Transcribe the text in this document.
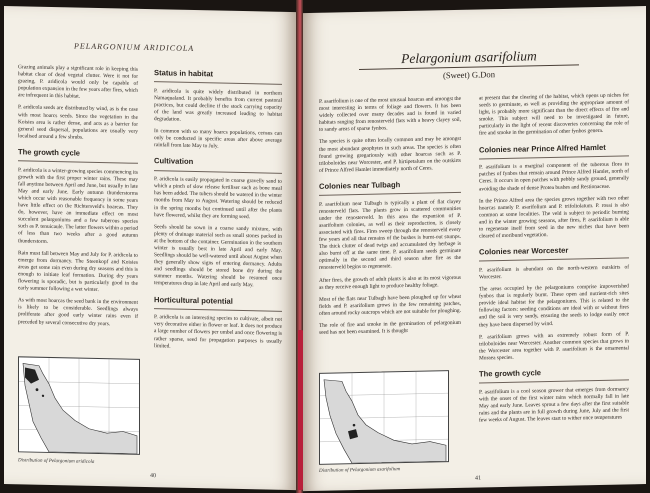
PELARGONIUM ARIDICOLA

Grazing animals play a significant role in keeping this habitat clear of dead vegetal clutter. Were it not for grazing, P. aridicola would only be capable of population expansion in the few years after fires, which are infrequent in this habitat.

P. aridicola seeds are distributed by wind, as is the case with most hoarcs seeds. Since the vegetation in the Koisies area is rather dense, and acts as a barrier for general seed dispersal, populations are usually very localised around a few shrubs.

The growth cycle

P. aridicola is a winter-growing species commencing its growth with the first proper winter rains. These may fall anytime between April and June, but usually in late May and early June. Early autumn thunderstorms which occur with reasonable frequency in some years have little effect on the Richtersveld's hoarcas. They do, however, have an immediate effect on most succulent pelargoniums and a few tuberous species such as P. tenuicaule. The latter flowers within a period of less than two weeks after a good autumn thunderstorm.

Rain must fall between May and July for P. aridicola to emerge from dormancy. The Steenkopf and Koisies areas get some rain even during dry seasons and this is enough to initiate leaf formation. During dry years flowering is sporadic, but is particularly good in the early summer following a wet winter.

As with most hoarcas the seed bank in the environment is likely to be considerable. Seedlings always proliferate after good early winter rains even if preceded by several consecutive dry years.

Distribution of Pelargonium aridicola
Status in habitat

P. aridicola is quite widely distributed in northern Namaqualand. It probably benefits from current pastoral practices, but could decline if the stock carrying capacity of the land was greatly increased leading to habitat degradation.

In common with so many hoarcs populations, census can only be conducted in specific areas after above average rainfall from late May to July.

Cultivation

P. aridicola is easily propagated in coarse gravelly sand to which a pinch of slow release fertiliser such as bone meal has been added. The tubers should be watered in the winter months from May to August. Watering should be reduced in the spring months but continued until after the plants have flowered, whilst they are forming seed.

Seeds should be sown in a coarse sandy mixture, with plenty of drainage material such as small stones packed in at the bottom of the container. Germination in the southern winter is usually best in late April and early May. Seedlings should be well-watered until about August when they generally show signs of entering dormancy. Adults and seedlings should be stored bone dry during the summer months. Watering should be resumed once temperatures drop in late April and early May.

Horticultural potential

P. aridicola is an interesting species to cultivate, albeit not very decorative either in flower or leaf. It does not produce a large number of flowers per umbel and once flowering is rather sparse, seed for propagation purposes is usually limited.

40
Pelargonium asarifolium
(Sweet) G.Don

P. asarifolium is one of the most unusual hoarcas and amongst the most interesting in terms of foliage and flowers. It has been widely collected over many decades and is found in varied habitats ranging from renosterveld flats with a heavy clayey soil, to sandy areas of sparse fynbos.

The species is quite often locally common and may be amongst the most abundant geophytes in such areas. The species is often found growing gregariously with other hoarcas such as P. triloboloides near Worcester, and P. hirtipetalum on the outskirts of Prince Alfred Hamlet immediately north of Ceres.

Colonies near Tulbagh

P. asarifolium near Tulbagh is typically a plant of flat clayey renosterveld flats. The plants grow in scattered communities under the renosterveld. In this area the expansion of P. asarifolium colonies, as well as their reproduction, is closely associated with fires. Fires sweep through the renosterveld every few years and all that remains of the bushes is burnt-out stumps. The thick clutter of dead twigs and accumulated dry herbage is also burnt off at the same time. P. asarifolium seeds germinate optimally in the second and third season after fire as the renosterveld begins to regenerate.

After fires, the growth of adult plants is also at its most vigorous as they receive enough light to produce healthy foliage.

Most of the flats near Tulbagh have been ploughed up for wheat fields and P. asarifolium grows in the few remaining patches, often around rocky outcrops which are not suitable for ploughing.

The role of fire and smoke in the germination of pelargonium seed has not been examined. It is thought

Distribution of Pelargonium asarifolium

at present that the clearing of the habitat, which opens up niches for seeds to germinate, as well as providing the appropriate amount of light, is probably more significant than the direct effects of fire and smoke. This subject will need to be investigated in future, particularly in the light of recent discoveries concerning the role of fire and smoke in the germination of other fynbos genera.

Colonies near Prince Alfred Hamlet

P. asarifolium is a marginal component of the tuberous flora in patches of fynbos that remain around Prince Alfred Hamlet, north of Ceres. It occurs in open patches with pebbly sandy ground, generally avoiding the shade of dense Protea bushes and Restionaceae.

In the Prince Alfred area the species grows together with two other hoarcas namely P. asarifolium and P. trifoliolatum. P. rosai is also common at some localities. The veld is subject to periodic burning and in the winter growing seasons, after fires, P. asarifolium is able to regenerate itself from seed in the new niches that have been cleared of moribund vegetation.

Colonies near Worcester

P. asarifolium is abundant on the north-western outskirts of Worcester.

The areas occupied by the pelargoniums comprise impoverished fynbos that is regularly burnt. These open and nutrient-rich sites provide ideal habitat for the pelargoniums. This is related to the following factors: seeding conditions are ideal with or without fires and the soil is very sandy, ensuring the seeds to lodge easily once they have been dispersed by wind.

P. asarifolium grows with an extremely robust form of P. triloboloides near Worcester. Another common species that grows in the Worcester area together with P. asarifolium is the ornamental Moraea species.

The growth cycle

P. asarifolium is a cool season grower that emerges from dormancy with the onset of the first winter rains which normally fall in late May and early June. Leaves sprout a few days after the first suitable rains and the plants are in full growth during June, July and the first few weeks of August. The leaves start to wither once temperatures

41
